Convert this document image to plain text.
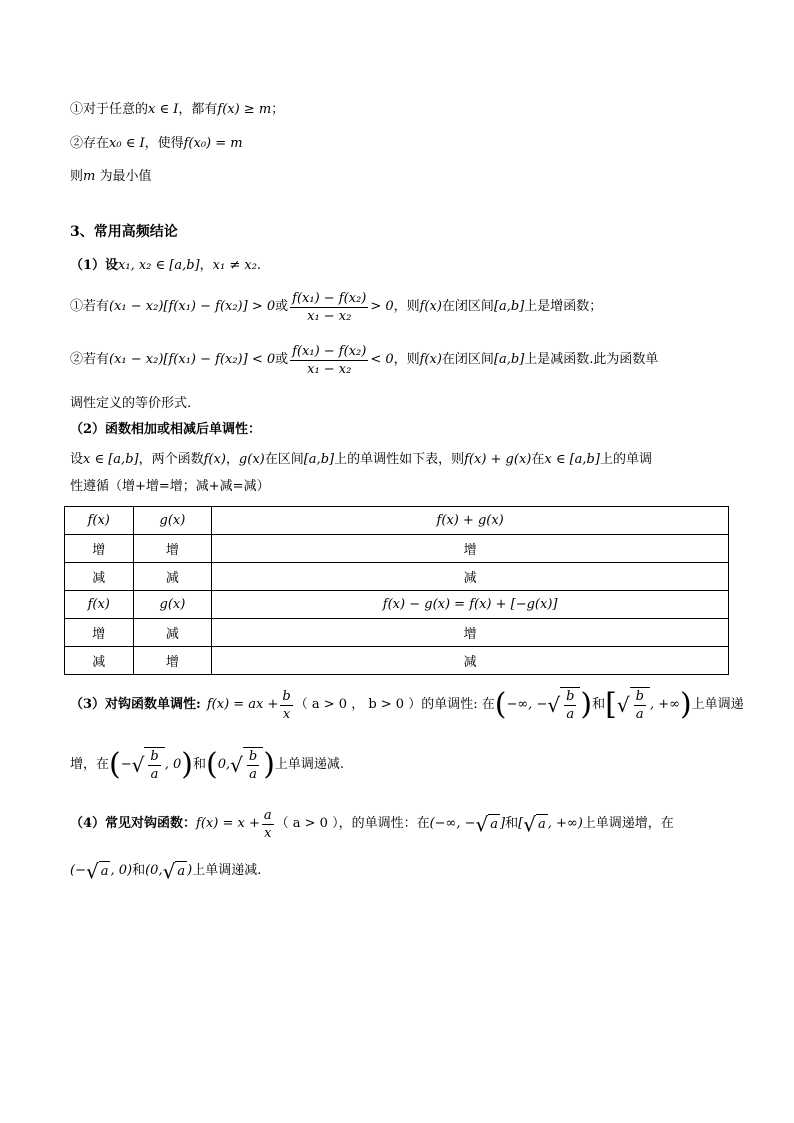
①对于任意的x ∈ I，都有f(x) ≥ m；
②存在x₀ ∈ I，使得f(x₀) = m
则m 为最小值
3、常用高频结论
（1）设x₁, x₂ ∈ [a,b]，x₁ ≠ x₂.
①若有 (x₁ − x₂)[f(x₁) − f(x₂)] > 0 或 $\frac{\text{f(x₁) − f(x₂)}}{\text{x₁ − x₂}} > 0$ ，则 f(x) 在闭区间 [a,b] 上是增函数；
②若有 (x₁ − x₂)[f(x₁) − f(x₂)] < 0 或 $\frac{\text{f(x₁) − f(x₂)}}{\text{x₁ − x₂}} < 0$ ，则 f(x) 在闭区间 [a,b] 上是减函数.此为函数单
调性定义的等价形式.
（2）函数相加或相减后单调性：
设x ∈ [a,b]，两个函数f(x)，g(x)在区间[a,b]上的单调性如下表，则f(x) + g(x)在x ∈ [a,b]上的单调
性遵循（增+增=增；减+减=减）
f(x)	g(x)	f(x) + g(x)
增	增	增
减	减	减
f(x)	g(x)	f(x) − g(x) = f(x) + [−g(x)]
增	减	增
减	增	减
（3）对钩函数单调性: f(x) = ax + $\frac{b}{x}$ （ a > 0 ， b > 0 ）的单调性: 在 ( −∞, − √ $\frac{b}{a}$ ) 和 [ √ $\frac{b}{a}$ , +∞ ) 上单调递
增，在 ( − √ $\frac{b}{a}$ , 0 ) 和 ( 0, √ $\frac{b}{a}$ ) 上单调递减.
（4）常见对钩函数： $f(x) = x + \frac{a}{x}$ （ a > 0 ），的单调性：在 (−∞, − √ a ] 和 [ √ a , +∞) 上单调递增，在
(− √ a , 0) 和 (0, √ a ) 上单调递减.
